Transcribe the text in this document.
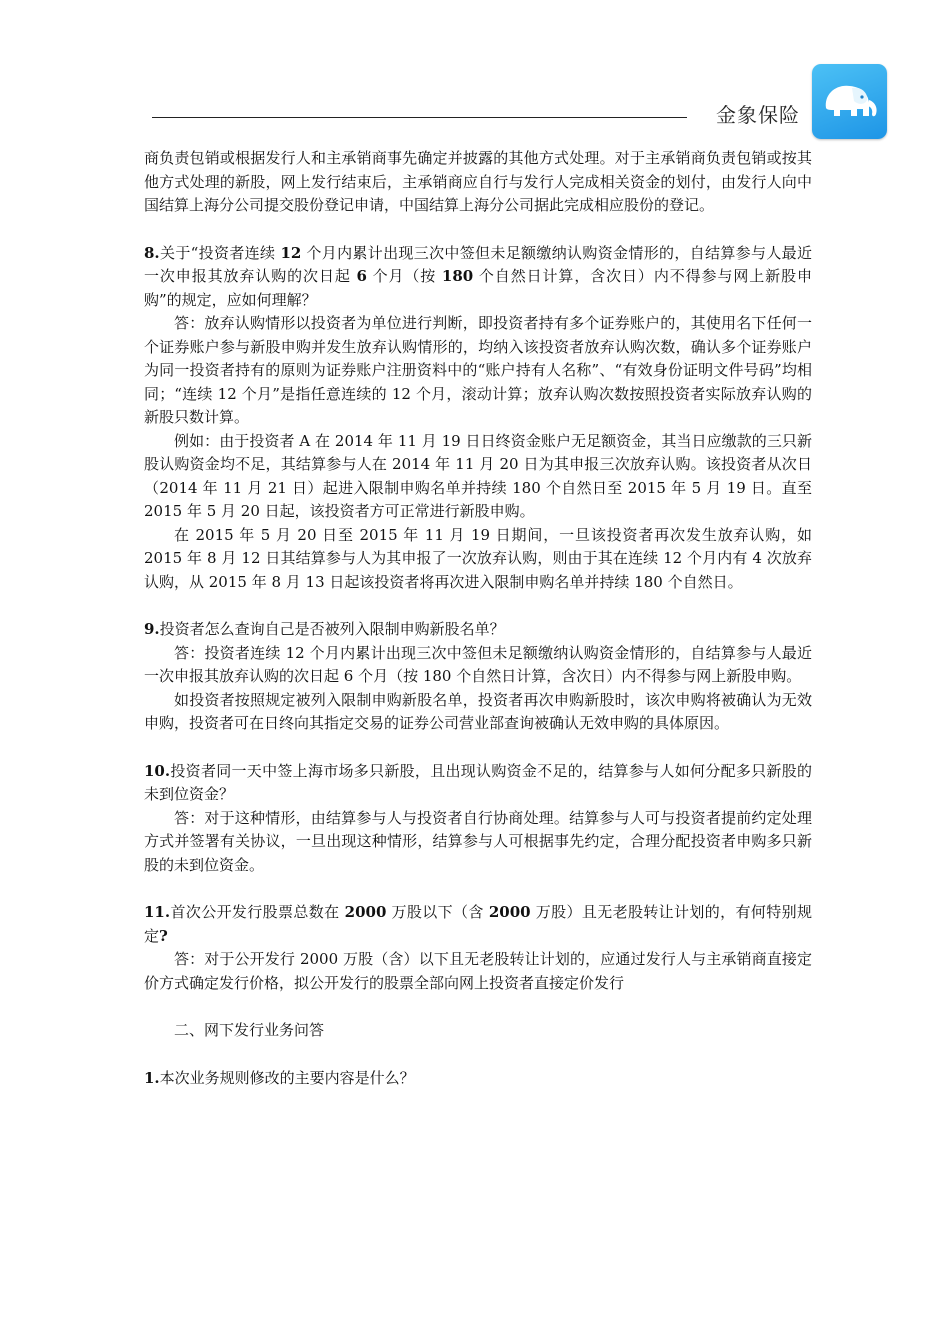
金象保险

商负责包销或根据发行人和主承销商事先确定并披露的其他方式处理。对于主承销商负责包销或按其他方式处理的新股，网上发行结束后，主承销商应自行与发行人完成相关资金的划付，由发行人向中国结算上海分公司提交股份登记申请，中国结算上海分公司据此完成相应股份的登记。

8.关于“投资者连续 12 个月内累计出现三次中签但未足额缴纳认购资金情形的，自结算参与人最近一次申报其放弃认购的次日起 6 个月（按 180 个自然日计算，含次日）内不得参与网上新股申购”的规定，应如何理解？

答：放弃认购情形以投资者为单位进行判断，即投资者持有多个证券账户的，其使用名下任何一个证券账户参与新股申购并发生放弃认购情形的，均纳入该投资者放弃认购次数，确认多个证券账户为同一投资者持有的原则为证券账户注册资料中的“账户持有人名称”、“有效身份证明文件号码”均相同；“连续 12 个月”是指任意连续的 12 个月，滚动计算；放弃认购次数按照投资者实际放弃认购的新股只数计算。

例如：由于投资者 A 在 2014 年 11 月 19 日日终资金账户无足额资金，其当日应缴款的三只新股认购资金均不足，其结算参与人在 2014 年 11 月 20 日为其申报三次放弃认购。该投资者从次日（2014 年 11 月 21 日）起进入限制申购名单并持续 180 个自然日至 2015 年 5 月 19 日。直至 2015 年 5 月 20 日起，该投资者方可正常进行新股申购。

在 2015 年 5 月 20 日至 2015 年 11 月 19 日期间，一旦该投资者再次发生放弃认购，如 2015 年 8 月 12 日其结算参与人为其申报了一次放弃认购，则由于其在连续 12 个月内有 4 次放弃认购，从 2015 年 8 月 13 日起该投资者将再次进入限制申购名单并持续 180 个自然日。

9.投资者怎么查询自己是否被列入限制申购新股名单？

答：投资者连续 12 个月内累计出现三次中签但未足额缴纳认购资金情形的，自结算参与人最近一次申报其放弃认购的次日起 6 个月（按 180 个自然日计算，含次日）内不得参与网上新股申购。

如投资者按照规定被列入限制申购新股名单，投资者再次申购新股时，该次申购将被确认为无效申购，投资者可在日终向其指定交易的证券公司营业部查询被确认无效申购的具体原因。

10.投资者同一天中签上海市场多只新股，且出现认购资金不足的，结算参与人如何分配多只新股的未到位资金？

答：对于这种情形，由结算参与人与投资者自行协商处理。结算参与人可与投资者提前约定处理方式并签署有关协议，一旦出现这种情形，结算参与人可根据事先约定，合理分配投资者申购多只新股的未到位资金。

11.首次公开发行股票总数在 2000 万股以下（含 2000 万股）且无老股转让计划的，有何特别规定?

答：对于公开发行 2000 万股（含）以下且无老股转让计划的，应通过发行人与主承销商直接定价方式确定发行价格，拟公开发行的股票全部向网上投资者直接定价发行

二、网下发行业务问答

1.本次业务规则修改的主要内容是什么？
